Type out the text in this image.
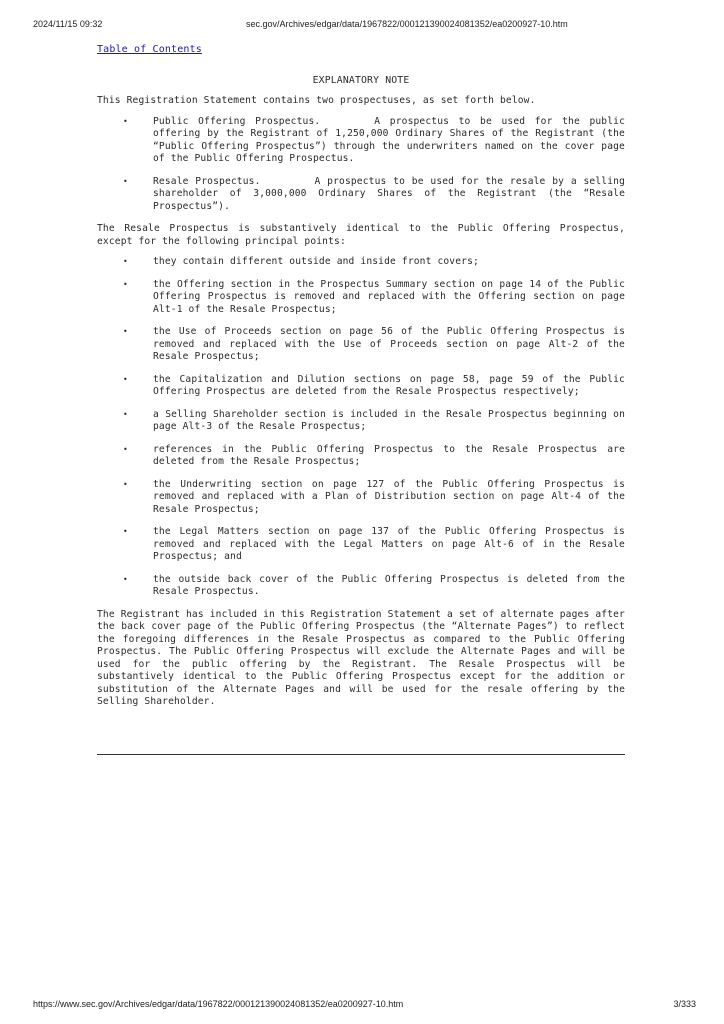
2024/11/15 09:32	sec.gov/Archives/edgar/data/1967822/000121390024081352/ea0200927-10.htm
Table of Contents
EXPLANATORY NOTE

This Registration Statement contains two prospectuses, as set forth below.

•	Public Offering Prospectus.	A prospectus to be used for the public offering by the Registrant of 1,250,000 Ordinary Shares of the Registrant (the “Public Offering Prospectus”) through the underwriters named on the cover page of the Public Offering Prospectus.
•	Resale Prospectus.	A prospectus to be used for the resale by a selling shareholder of 3,000,000 Ordinary Shares of the Registrant (the “Resale Prospectus”).

The Resale Prospectus is substantively identical to the Public Offering Prospectus, except for the following principal points:

•	they contain different outside and inside front covers;
•	the Offering section in the Prospectus Summary section on page 14 of the Public Offering Prospectus is removed and replaced with the Offering section on page Alt-1 of the Resale Prospectus;
•	the Use of Proceeds section on page 56 of the Public Offering Prospectus is removed and replaced with the Use of Proceeds section on page Alt-2 of the Resale Prospectus;
•	the Capitalization and Dilution sections on page 58, page 59 of the Public Offering Prospectus are deleted from the Resale Prospectus respectively;
•	a Selling Shareholder section is included in the Resale Prospectus beginning on page Alt-3 of the Resale Prospectus;
•	references in the Public Offering Prospectus to the Resale Prospectus are deleted from the Resale Prospectus;
•	the Underwriting section on page 127 of the Public Offering Prospectus is removed and replaced with a Plan of Distribution section on page Alt-4 of the Resale Prospectus;
•	the Legal Matters section on page 137 of the Public Offering Prospectus is removed and replaced with the Legal Matters on page Alt-6 of in the Resale Prospectus; and
•	the outside back cover of the Public Offering Prospectus is deleted from the Resale Prospectus.

The Registrant has included in this Registration Statement a set of alternate pages after the back cover page of the Public Offering Prospectus (the “Alternate Pages”) to reflect the foregoing differences in the Resale Prospectus as compared to the Public Offering Prospectus. The Public Offering Prospectus will exclude the Alternate Pages and will be used for the public offering by the Registrant. The Resale Prospectus will be substantively identical to the Public Offering Prospectus except for the addition or substitution of the Alternate Pages and will be used for the resale offering by the Selling Shareholder.

https://www.sec.gov/Archives/edgar/data/1967822/000121390024081352/ea0200927-10.htm	3/333
